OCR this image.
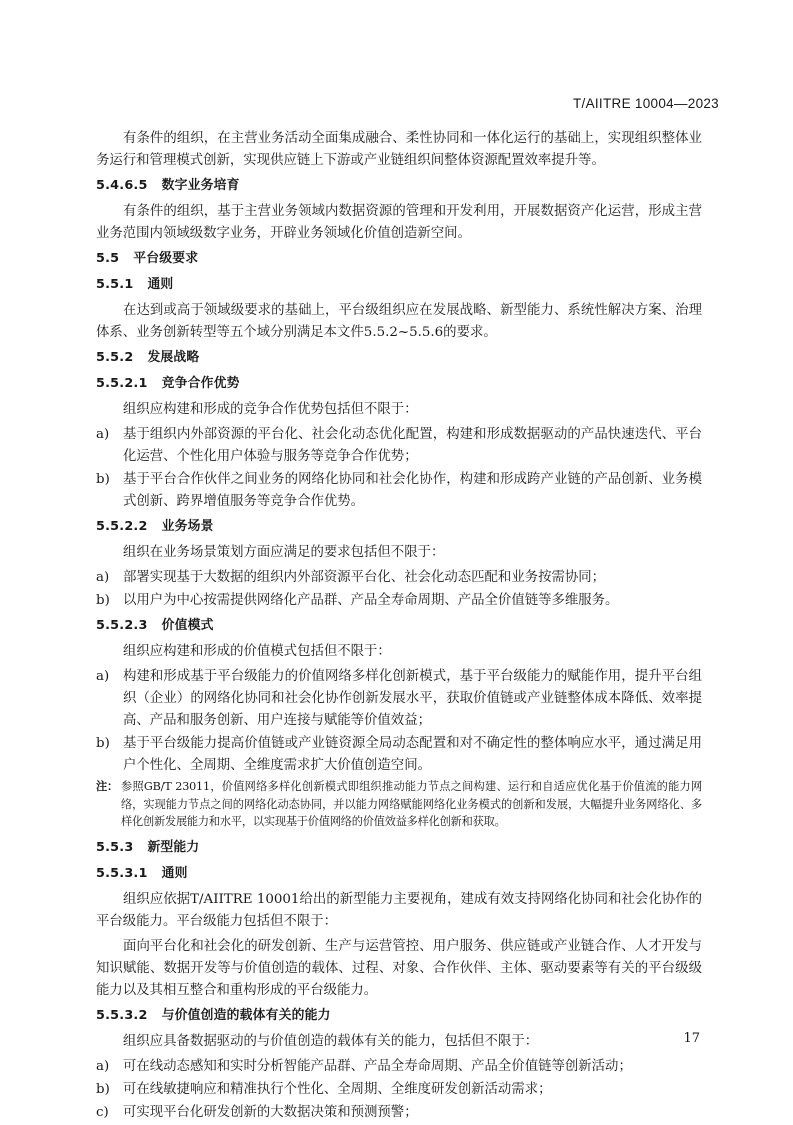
T/AIITRE 10004—2023

有条件的组织，在主营业务活动全面集成融合、柔性协同和一体化运行的基础上，实现组织整体业务运行和管理模式创新，实现供应链上下游或产业链组织间整体资源配置效率提升等。

5.4.6.5 数字业务培育

有条件的组织，基于主营业务领域内数据资源的管理和开发利用，开展数据资产化运营，形成主营业务范围内领域级数字业务，开辟业务领域化价值创造新空间。

5.5 平台级要求
5.5.1 通则

在达到或高于领域级要求的基础上，平台级组织应在发展战略、新型能力、系统性解决方案、治理体系、业务创新转型等五个域分别满足本文件5.5.2~5.5.6的要求。

5.5.2 发展战略
5.5.2.1 竞争合作优势

组织应构建和形成的竞争合作优势包括但不限于：

a) 基于组织内外部资源的平台化、社会化动态优化配置，构建和形成数据驱动的产品快速迭代、平台化运营、个性化用户体验与服务等竞争合作优势；
b) 基于平台合作伙伴之间业务的网络化协同和社会化协作，构建和形成跨产业链的产品创新、业务模式创新、跨界增值服务等竞争合作优势。
5.5.2.2 业务场景

组织在业务场景策划方面应满足的要求包括但不限于：

a) 部署实现基于大数据的组织内外部资源平台化、社会化动态匹配和业务按需协同；
b) 以用户为中心按需提供网络化产品群、产品全寿命周期、产品全价值链等多维服务。
5.5.2.3 价值模式

组织应构建和形成的价值模式包括但不限于：

a) 构建和形成基于平台级能力的价值网络多样化创新模式，基于平台级能力的赋能作用，提升平台组织（企业）的网络化协同和社会化协作创新发展水平，获取价值链或产业链整体成本降低、效率提高、产品和服务创新、用户连接与赋能等价值效益；
b) 基于平台级能力提高价值链或产业链资源全局动态配置和对不确定性的整体响应水平，通过满足用户个性化、全周期、全维度需求扩大价值创造空间。
注： 参照GB/T 23011，价值网络多样化创新模式即组织推动能力节点之间构建、运行和自适应优化基于价值流的能力网络，实现能力节点之间的网络化动态协同，并以能力网络赋能网络化业务模式的创新和发展，大幅提升业务网络化、多样化创新发展能力和水平，以实现基于价值网络的价值效益多样化创新和获取。
5.5.3 新型能力
5.5.3.1 通则

组织应依据T/AIITRE 10001给出的新型能力主要视角，建成有效支持网络化协同和社会化协作的平台级能力。平台级能力包括但不限于：

面向平台化和社会化的研发创新、生产与运营管控、用户服务、供应链或产业链合作、人才开发与知识赋能、数据开发等与价值创造的载体、过程、对象、合作伙伴、主体、驱动要素等有关的平台级级能力以及其相互整合和重构形成的平台级能力。

5.5.3.2 与价值创造的载体有关的能力

组织应具备数据驱动的与价值创造的载体有关的能力，包括但不限于：

a) 可在线动态感知和实时分析智能产品群、产品全寿命周期、产品全价值链等创新活动；
b) 可在线敏捷响应和精准执行个性化、全周期、全维度研发创新活动需求；
c) 可实现平台化研发创新的大数据决策和预测预警；
17
